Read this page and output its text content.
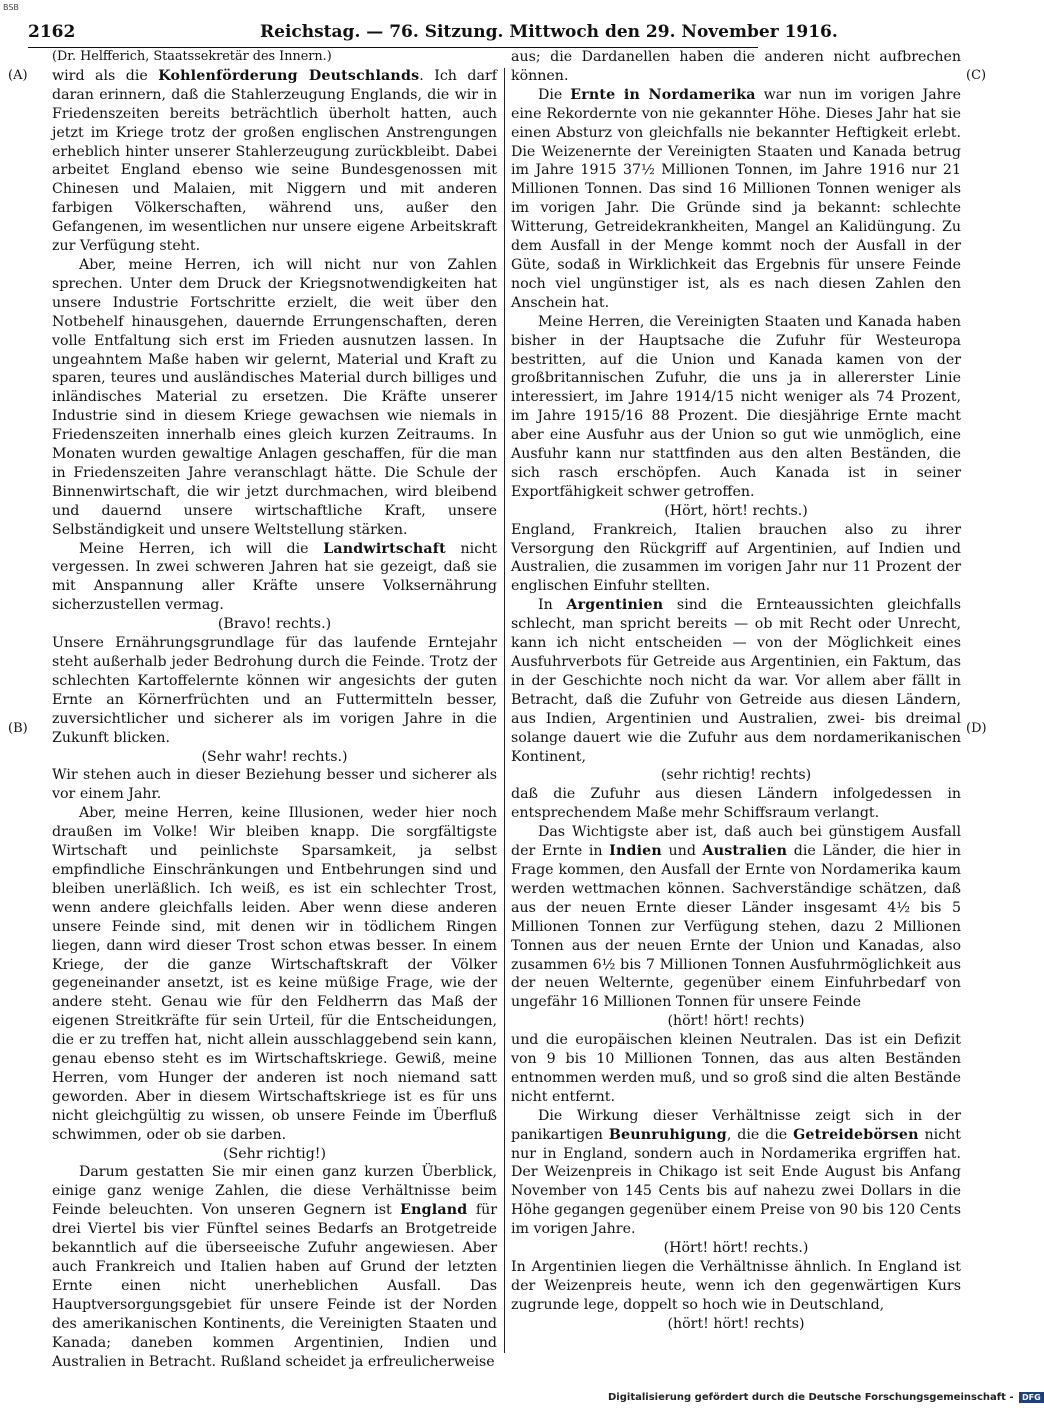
BSB
2162	Reichstag. — 76. Sitzung. Mittwoch den 29. November 1916.
(A)
(B)
(C)
(D)

(Dr. Helfferich, Staatssekretär des Innern.)

wird als die Kohlenförderung Deutschlands. Ich darf daran erinnern, daß die Stahlerzeugung Englands, die wir in Friedenszeiten bereits beträchtlich überholt hatten, auch jetzt im Kriege trotz der großen englischen Anstrengungen erheblich hinter unserer Stahlerzeugung zurückbleibt. Dabei arbeitet England ebenso wie seine Bundesgenossen mit Chinesen und Malaien, mit Niggern und mit anderen farbigen Völkerschaften, während uns, außer den Gefangenen, im wesentlichen nur unsere eigene Arbeitskraft zur Verfügung steht.

Aber, meine Herren, ich will nicht nur von Zahlen sprechen. Unter dem Druck der Kriegsnotwendigkeiten hat unsere Industrie Fortschritte erzielt, die weit über den Notbehelf hinausgehen, dauernde Errungenschaften, deren volle Entfaltung sich erst im Frieden ausnutzen lassen. In ungeahntem Maße haben wir gelernt, Material und Kraft zu sparen, teures und ausländisches Material durch billiges und inländisches Material zu ersetzen. Die Kräfte unserer Industrie sind in diesem Kriege gewachsen wie niemals in Friedenszeiten innerhalb eines gleich kurzen Zeitraums. In Monaten wurden gewaltige Anlagen geschaffen, für die man in Friedenszeiten Jahre veranschlagt hätte. Die Schule der Binnenwirtschaft, die wir jetzt durchmachen, wird bleibend und dauernd unsere wirtschaftliche Kraft, unsere Selbständigkeit und unsere Weltstellung stärken.

Meine Herren, ich will die Landwirtschaft nicht vergessen. In zwei schweren Jahren hat sie gezeigt, daß sie mit Anspannung aller Kräfte unsere Volksernährung sicherzustellen vermag.

(Bravo! rechts.)

Unsere Ernährungsgrundlage für das laufende Erntejahr steht außerhalb jeder Bedrohung durch die Feinde. Trotz der schlechten Kartoffelernte können wir angesichts der guten Ernte an Körnerfrüchten und an Futtermitteln besser, zuversichtlicher und sicherer als im vorigen Jahre in die Zukunft blicken.

(Sehr wahr! rechts.)

Wir stehen auch in dieser Beziehung besser und sicherer als vor einem Jahr.

Aber, meine Herren, keine Illusionen, weder hier noch draußen im Volke! Wir bleiben knapp. Die sorgfältigste Wirtschaft und peinlichste Sparsamkeit, ja selbst empfindliche Einschränkungen und Entbehrungen sind und bleiben unerläßlich. Ich weiß, es ist ein schlechter Trost, wenn andere gleichfalls leiden. Aber wenn diese anderen unsere Feinde sind, mit denen wir in tödlichem Ringen liegen, dann wird dieser Trost schon etwas besser. In einem Kriege, der die ganze Wirtschaftskraft der Völker gegeneinander ansetzt, ist es keine müßige Frage, wie der andere steht. Genau wie für den Feldherrn das Maß der eigenen Streitkräfte für sein Urteil, für die Entscheidungen, die er zu treffen hat, nicht allein ausschlaggebend sein kann, genau ebenso steht es im Wirtschaftskriege. Gewiß, meine Herren, vom Hunger der anderen ist noch niemand satt geworden. Aber in diesem Wirtschaftskriege ist es für uns nicht gleichgültig zu wissen, ob unsere Feinde im Überfluß schwimmen, oder ob sie darben.

(Sehr richtig!)

Darum gestatten Sie mir einen ganz kurzen Überblick, einige ganz wenige Zahlen, die diese Verhältnisse beim Feinde beleuchten. Von unseren Gegnern ist England für drei Viertel bis vier Fünftel seines Bedarfs an Brotgetreide bekanntlich auf die überseeische Zufuhr angewiesen. Aber auch Frankreich und Italien haben auf Grund der letzten Ernte einen nicht unerheblichen Ausfall. Das Hauptversorgungsgebiet für unsere Feinde ist der Norden des amerikanischen Kontinents, die Vereinigten Staaten und Kanada; daneben kommen Argentinien, Indien und Australien in Betracht. Rußland scheidet ja erfreulicherweise

aus; die Dardanellen haben die anderen nicht aufbrechen können.

Die Ernte in Nordamerika war nun im vorigen Jahre eine Rekordernte von nie gekannter Höhe. Dieses Jahr hat sie einen Absturz von gleichfalls nie bekannter Heftigkeit erlebt. Die Weizenernte der Vereinigten Staaten und Kanada betrug im Jahre 1915 37½ Millionen Tonnen, im Jahre 1916 nur 21 Millionen Tonnen. Das sind 16 Millionen Tonnen weniger als im vorigen Jahr. Die Gründe sind ja bekannt: schlechte Witterung, Getreidekrankheiten, Mangel an Kalidüngung. Zu dem Ausfall in der Menge kommt noch der Ausfall in der Güte, sodaß in Wirklichkeit das Ergebnis für unsere Feinde noch viel ungünstiger ist, als es nach diesen Zahlen den Anschein hat.

Meine Herren, die Vereinigten Staaten und Kanada haben bisher in der Hauptsache die Zufuhr für Westeuropa bestritten, auf die Union und Kanada kamen von der großbritannischen Zufuhr, die uns ja in allererster Linie interessiert, im Jahre 1914/15 nicht weniger als 74 Prozent, im Jahre 1915/16 88 Prozent. Die diesjährige Ernte macht aber eine Ausfuhr aus der Union so gut wie unmöglich, eine Ausfuhr kann nur stattfinden aus den alten Beständen, die sich rasch erschöpfen. Auch Kanada ist in seiner Exportfähigkeit schwer getroffen.

(Hört, hört! rechts.)

England, Frankreich, Italien brauchen also zu ihrer Versorgung den Rückgriff auf Argentinien, auf Indien und Australien, die zusammen im vorigen Jahr nur 11 Prozent der englischen Einfuhr stellten.

In Argentinien sind die Ernteaussichten gleichfalls schlecht, man spricht bereits — ob mit Recht oder Unrecht, kann ich nicht entscheiden — von der Möglichkeit eines Ausfuhrverbots für Getreide aus Argentinien, ein Faktum, das in der Geschichte noch nicht da war. Vor allem aber fällt in Betracht, daß die Zufuhr von Getreide aus diesen Ländern, aus Indien, Argentinien und Australien, zwei- bis dreimal solange dauert wie die Zufuhr aus dem nordamerikanischen Kontinent,

(sehr richtig! rechts)

daß die Zufuhr aus diesen Ländern infolgedessen in entsprechendem Maße mehr Schiffsraum verlangt.

Das Wichtigste aber ist, daß auch bei günstigem Ausfall der Ernte in Indien und Australien die Länder, die hier in Frage kommen, den Ausfall der Ernte von Nordamerika kaum werden wettmachen können. Sachverständige schätzen, daß aus der neuen Ernte dieser Länder insgesamt 4½ bis 5 Millionen Tonnen zur Verfügung stehen, dazu 2 Millionen Tonnen aus der neuen Ernte der Union und Kanadas, also zusammen 6½ bis 7 Millionen Tonnen Ausfuhrmöglichkeit aus der neuen Welternte, gegenüber einem Einfuhrbedarf von ungefähr 16 Millionen Tonnen für unsere Feinde

(hört! hört! rechts)

und die europäischen kleinen Neutralen. Das ist ein Defizit von 9 bis 10 Millionen Tonnen, das aus alten Beständen entnommen werden muß, und so groß sind die alten Bestände nicht entfernt.

Die Wirkung dieser Verhältnisse zeigt sich in der panikartigen Beunruhigung, die die Getreidebörsen nicht nur in England, sondern auch in Nordamerika ergriffen hat. Der Weizenpreis in Chikago ist seit Ende August bis Anfang November von 145 Cents bis auf nahezu zwei Dollars in die Höhe gegangen gegenüber einem Preise von 90 bis 120 Cents im vorigen Jahre.

(Hört! hört! rechts.)

In Argentinien liegen die Verhältnisse ähnlich. In England ist der Weizenpreis heute, wenn ich den gegenwärtigen Kurs zugrunde lege, doppelt so hoch wie in Deutschland,

(hört! hört! rechts)

Digitalisierung gefördert durch die Deutsche Forschungsgemeinschaft - DFG
